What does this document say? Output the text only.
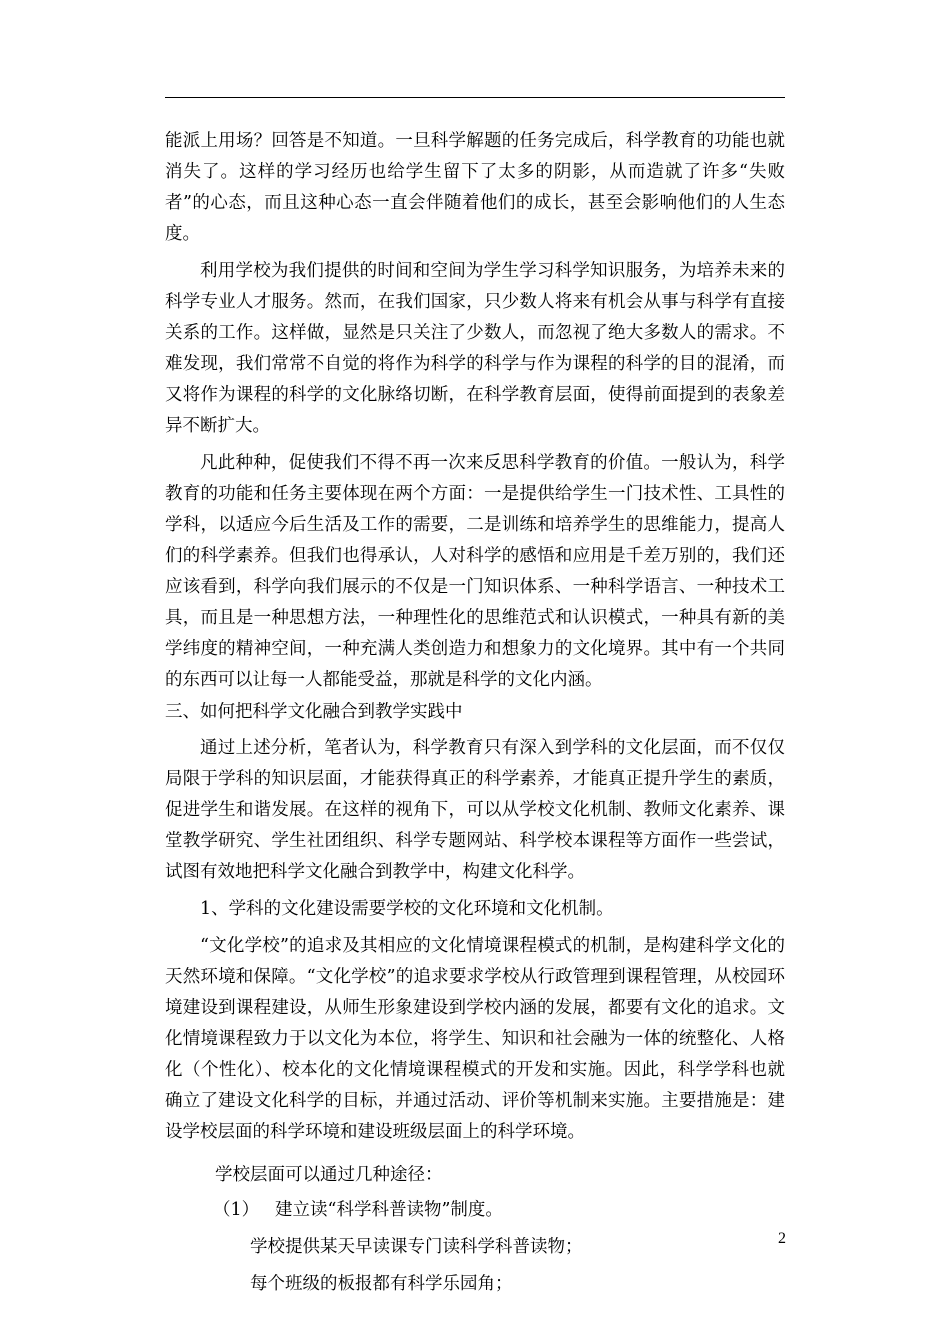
能派上用场？回答是不知道。一旦科学解题的任务完成后，科学教育的功能也就消失了。这样的学习经历也给学生留下了太多的阴影，从而造就了许多“失败者”的心态，而且这种心态一直会伴随着他们的成长，甚至会影响他们的人生态度。

利用学校为我们提供的时间和空间为学生学习科学知识服务，为培养未来的科学专业人才服务。然而，在我们国家，只少数人将来有机会从事与科学有直接关系的工作。这样做，显然是只关注了少数人，而忽视了绝大多数人的需求。不难发现，我们常常不自觉的将作为科学的科学与作为课程的科学的目的混淆，而又将作为课程的科学的文化脉络切断，在科学教育层面，使得前面提到的表象差异不断扩大。

凡此种种，促使我们不得不再一次来反思科学教育的价值。一般认为，科学教育的功能和任务主要体现在两个方面：一是提供给学生一门技术性、工具性的学科，以适应今后生活及工作的需要，二是训练和培养学生的思维能力，提高人们的科学素养。但我们也得承认，人对科学的感悟和应用是千差万别的，我们还应该看到，科学向我们展示的不仅是一门知识体系、一种科学语言、一种技术工具，而且是一种思想方法，一种理性化的思维范式和认识模式，一种具有新的美学纬度的精神空间，一种充满人类创造力和想象力的文化境界。其中有一个共同的东西可以让每一人都能受益，那就是科学的文化内涵。

三、如何把科学文化融合到教学实践中

通过上述分析，笔者认为，科学教育只有深入到学科的文化层面，而不仅仅局限于学科的知识层面，才能获得真正的科学素养，才能真正提升学生的素质，促进学生和谐发展。在这样的视角下，可以从学校文化机制、教师文化素养、课堂教学研究、学生社团组织、科学专题网站、科学校本课程等方面作一些尝试，试图有效地把科学文化融合到教学中，构建文化科学。

1、学科的文化建设需要学校的文化环境和文化机制。

“文化学校”的追求及其相应的文化情境课程模式的机制，是构建科学文化的天然环境和保障。“文化学校”的追求要求学校从行政管理到课程管理，从校园环境建设到课程建设，从师生形象建设到学校内涵的发展，都要有文化的追求。文化情境课程致力于以文化为本位，将学生、知识和社会融为一体的统整化、人格化（个性化）、校本化的文化情境课程模式的开发和实施。因此，科学学科也就确立了建设文化科学的目标，并通过活动、评价等机制来实施。主要措施是：建设学校层面的科学环境和建设班级层面上的科学环境。

学校层面可以通过几种途径：

（1） 建立读“科学科普读物”制度。

学校提供某天早读课专门读科学科普读物；

每个班级的板报都有科学乐园角；

2
